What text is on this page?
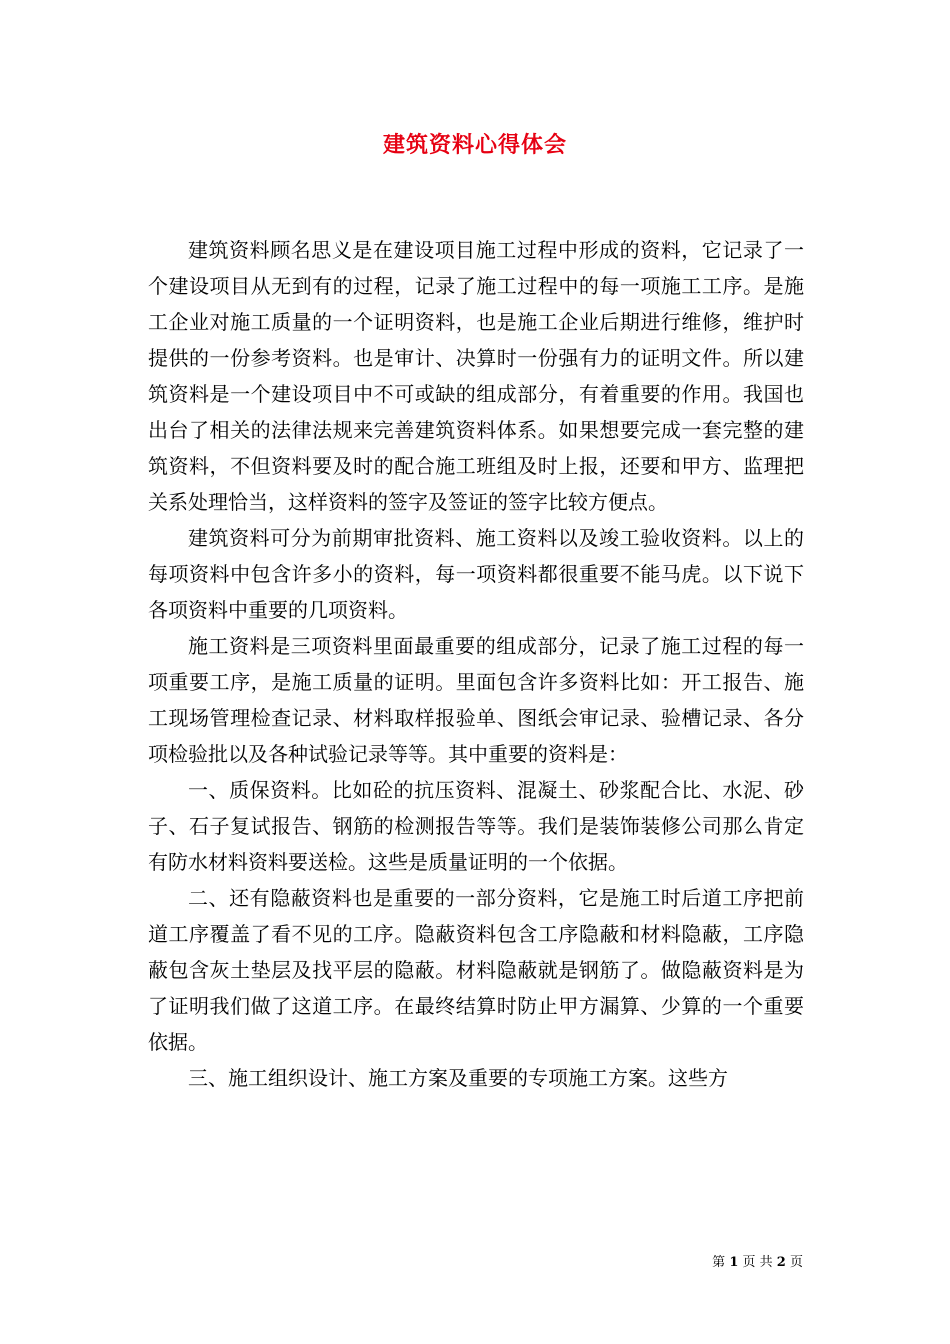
建筑资料心得体会

建筑资料顾名思义是在建设项目施工过程中形成的资料，它记录了一个建设项目从无到有的过程，记录了施工过程中的每一项施工工序。是施工企业对施工质量的一个证明资料，也是施工企业后期进行维修，维护时提供的一份参考资料。也是审计、决算时一份强有力的证明文件。所以建筑资料是一个建设项目中不可或缺的组成部分，有着重要的作用。我国也出台了相关的法律法规来完善建筑资料体系。如果想要完成一套完整的建筑资料，不但资料要及时的配合施工班组及时上报，还要和甲方、监理把关系处理恰当，这样资料的签字及签证的签字比较方便点。

建筑资料可分为前期审批资料、施工资料以及竣工验收资料。以上的每项资料中包含许多小的资料，每一项资料都很重要不能马虎。以下说下各项资料中重要的几项资料。

施工资料是三项资料里面最重要的组成部分，记录了施工过程的每一项重要工序，是施工质量的证明。里面包含许多资料比如：开工报告、施工现场管理检查记录、材料取样报验单、图纸会审记录、验槽记录、各分项检验批以及各种试验记录等等。其中重要的资料是：

一、质保资料。比如砼的抗压资料、混凝土、砂浆配合比、水泥、砂子、石子复试报告、钢筋的检测报告等等。我们是装饰装修公司那么肯定有防水材料资料要送检。这些是质量证明的一个依据。

二、还有隐蔽资料也是重要的一部分资料，它是施工时后道工序把前道工序覆盖了看不见的工序。隐蔽资料包含工序隐蔽和材料隐蔽，工序隐蔽包含灰土垫层及找平层的隐蔽。材料隐蔽就是钢筋了。做隐蔽资料是为了证明我们做了这道工序。在最终结算时防止甲方漏算、少算的一个重要依据。

三、施工组织设计、施工方案及重要的专项施工方案。这些方

第 1 页 共 2 页
